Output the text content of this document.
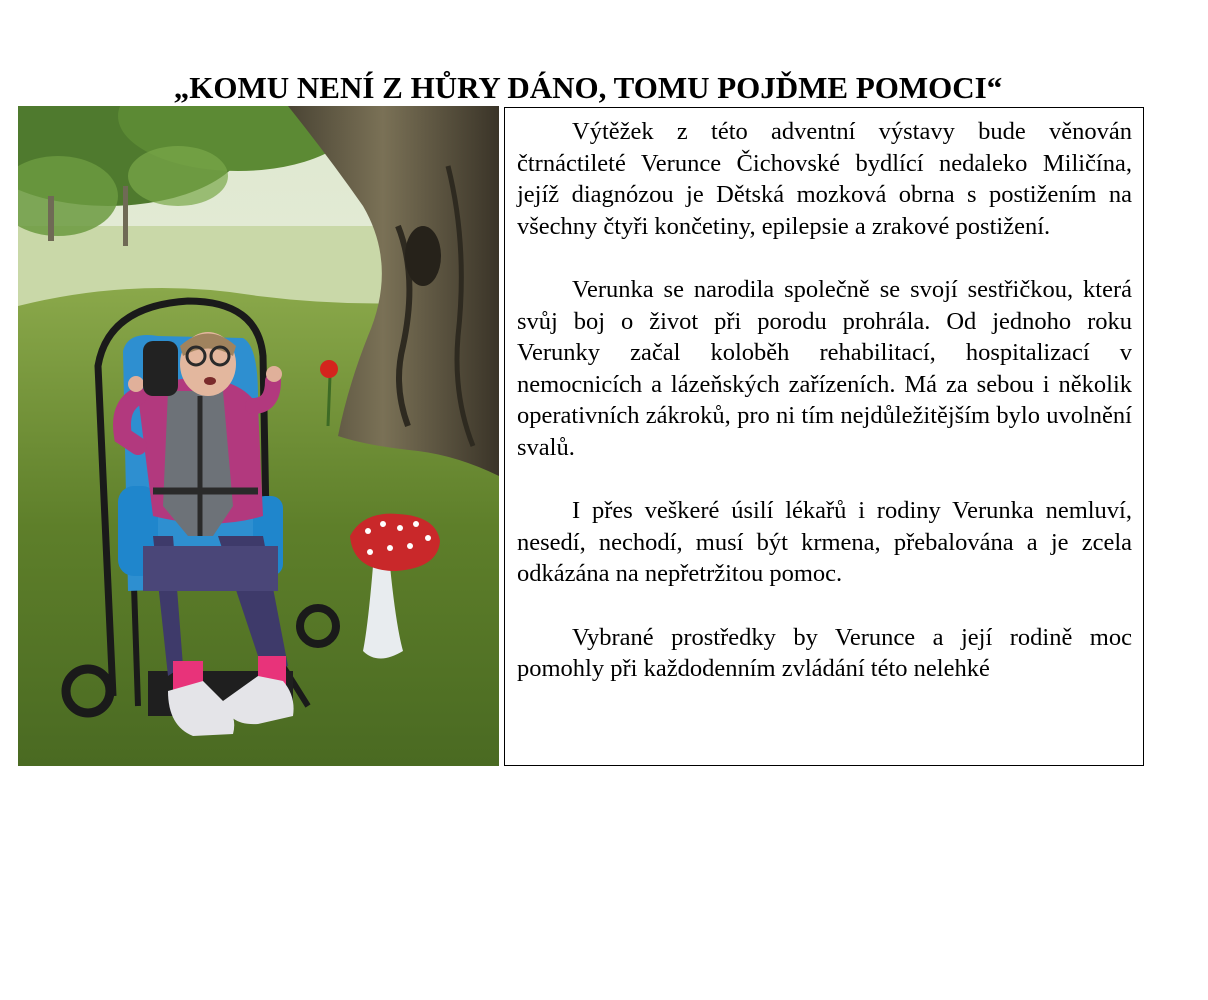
„KOMU NENÍ Z HŮRY DÁNO, TOMU POJĎME POMOCI“

Výtěžek z této adventní výstavy bude věnován čtrnáctileté Verunce Čichovské bydlící nedaleko Miličína, jejíž diagnózou je Dětská mozková obrna s postižením na všechny čtyři končetiny, epilepsie a zrakové postižení.

Verunka se narodila společně se svojí sestřičkou, která svůj boj o život při porodu prohrála. Od jednoho roku Verunky začal koloběh rehabilitací, hospitalizací v nemocnicích a lázeňských zařízeních. Má za sebou i několik operativních zákroků, pro ni tím nejdůležitějším bylo uvolnění svalů.

I přes veškeré úsilí lékařů i rodiny Verunka nemluví, nesedí, nechodí, musí být krmena, přebalována a je zcela odkázána na nepřetržitou pomoc.

Vybrané prostředky by Verunce a její rodině moc pomohly při každodenním zvládání této nelehké
